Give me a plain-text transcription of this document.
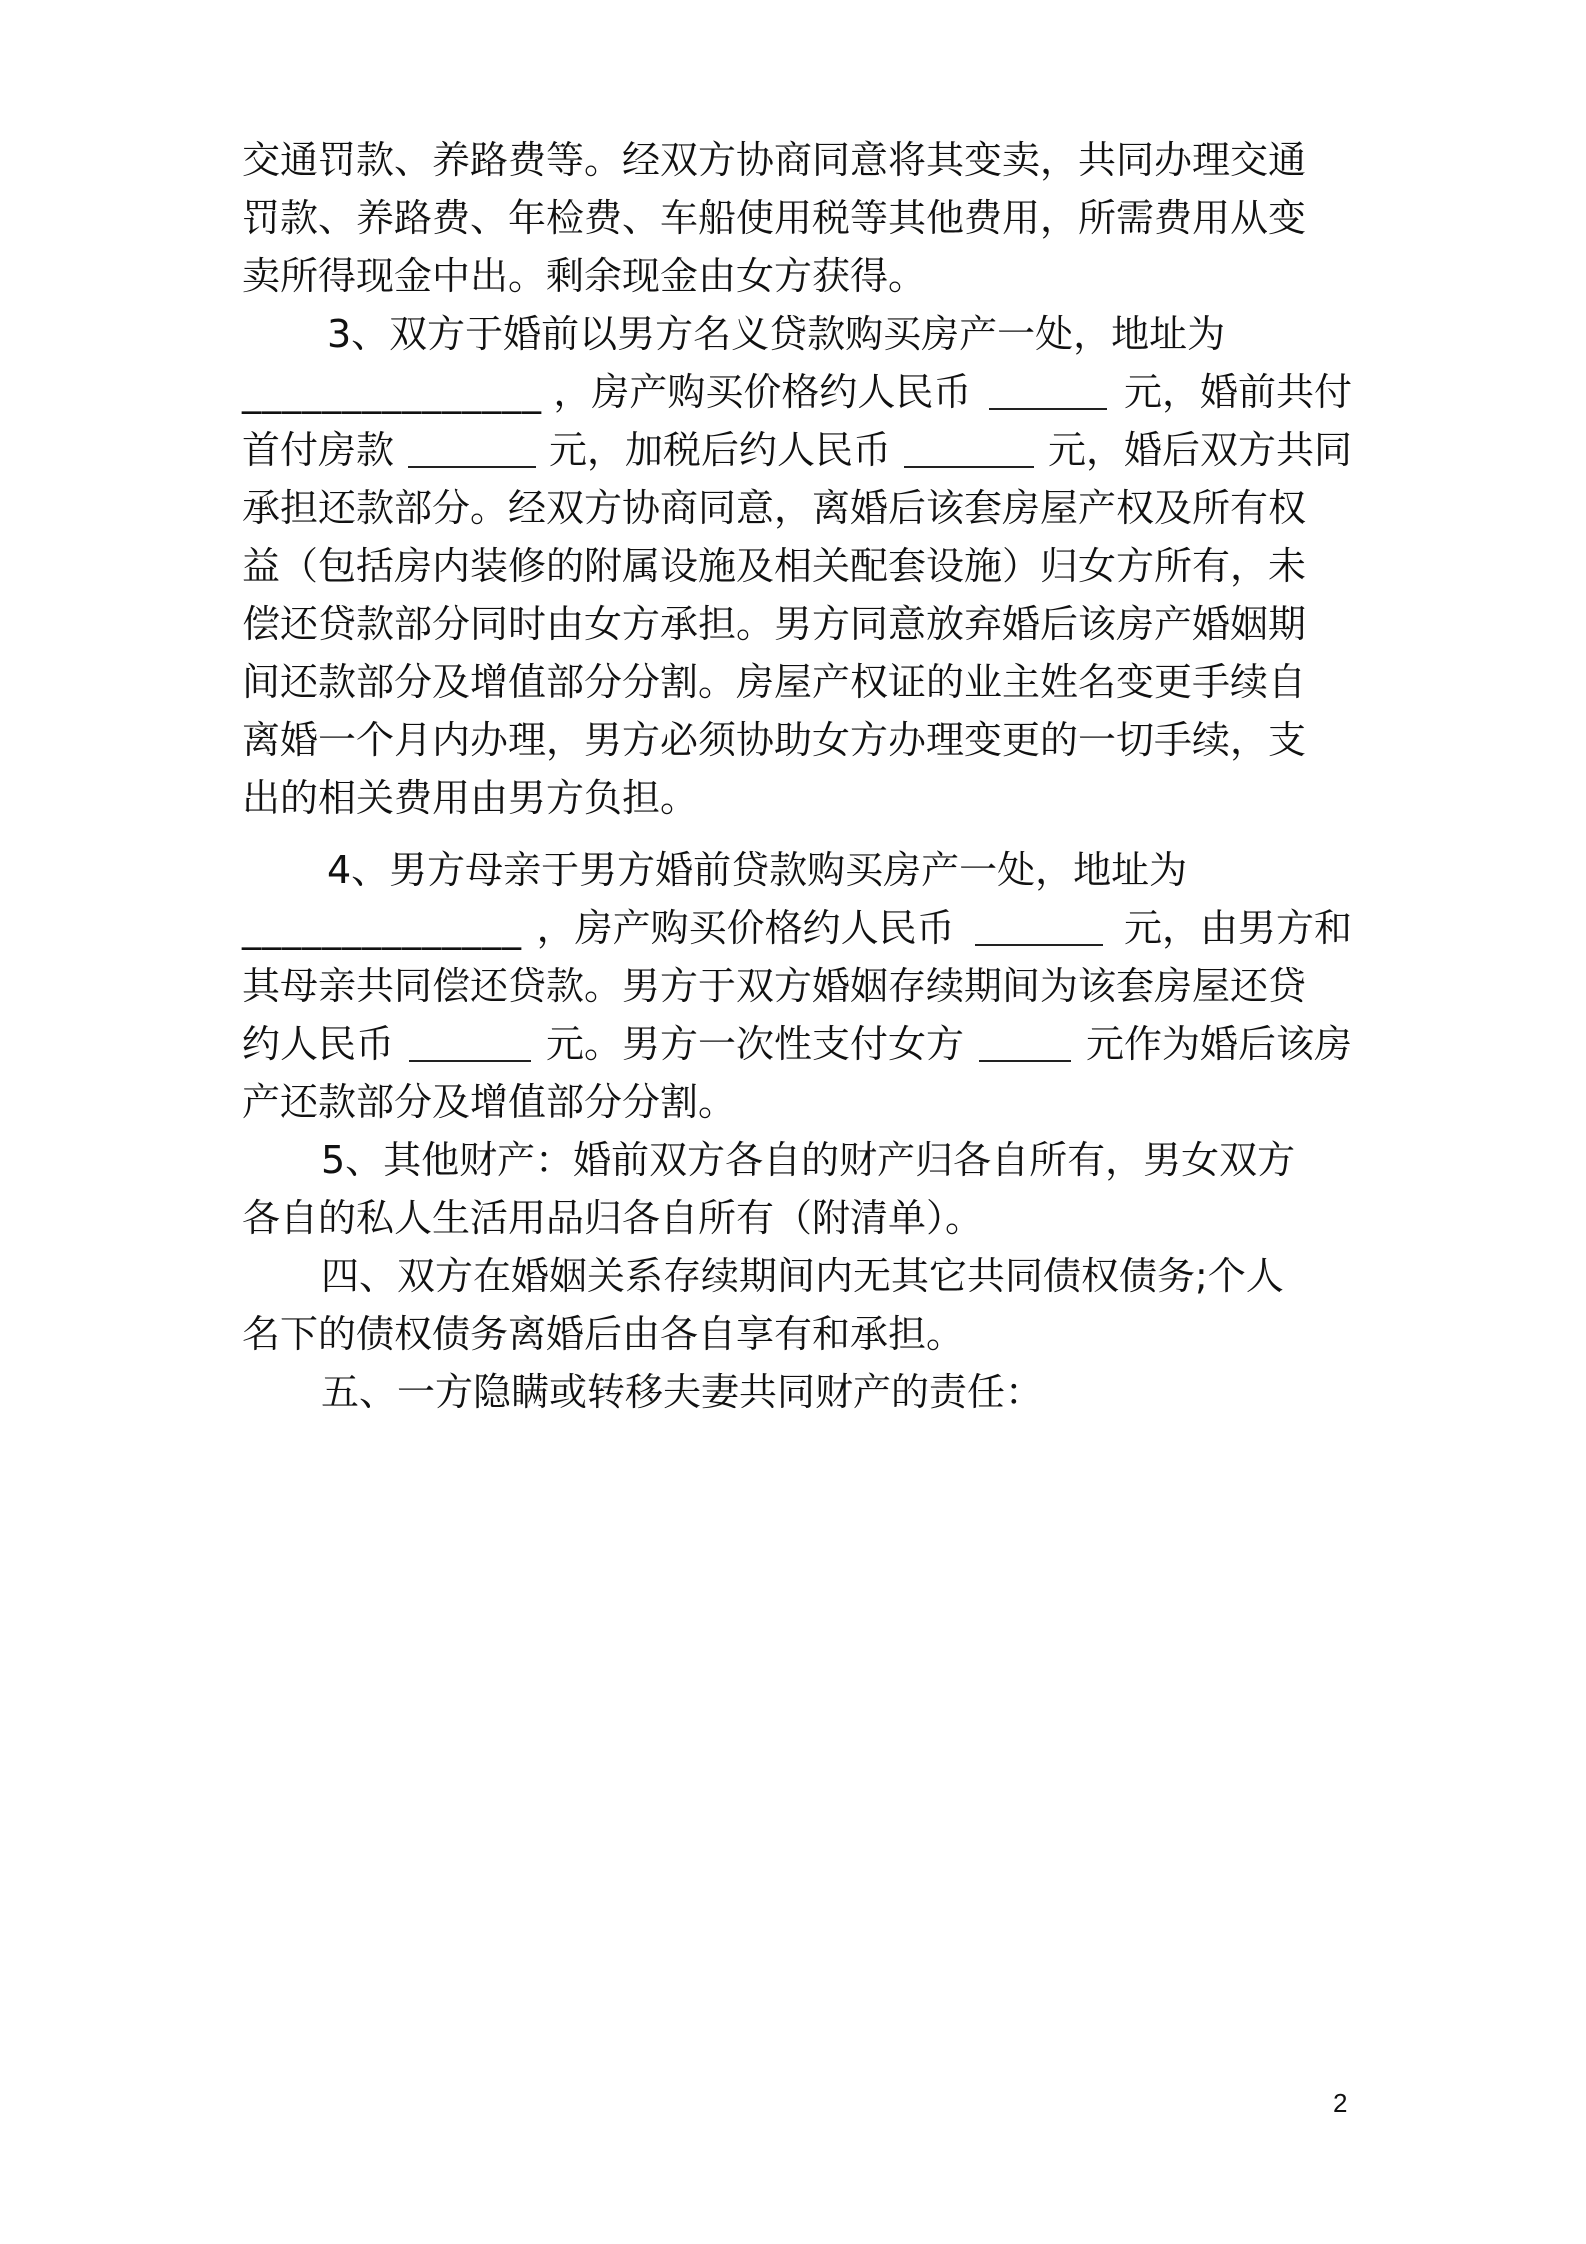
交通罚款、养路费等。经双方协商同意将其变卖，共同办理交通
罚款、养路费、年检费、车船使用税等其他费用，所需费用从变
卖所得现金中出。剩余现金由女方获得。
3、双方于婚前以男方名义贷款购买房产一处，地址为
_______________ ，房产购买价格约人民币	元，婚前共付
首付房款	元，加税后约人民币	元，婚后双方共同
承担还款部分。经双方协商同意，离婚后该套房屋产权及所有权
益（包括房内装修的附属设施及相关配套设施）归女方所有，未
偿还贷款部分同时由女方承担。男方同意放弃婚后该房产婚姻期
间还款部分及增值部分分割。房屋产权证的业主姓名变更手续自
离婚一个月内办理，男方必须协助女方办理变更的一切手续，支
出的相关费用由男方负担。
4、男方母亲于男方婚前贷款购买房产一处，地址为
______________ ，房产购买价格约人民币	元，由男方和
其母亲共同偿还贷款。男方于双方婚姻存续期间为该套房屋还贷
约人民币	元。男方一次性支付女方	元作为婚后该房
产还款部分及增值部分分割。
5、其他财产：婚前双方各自的财产归各自所有，男女双方
各自的私人生活用品归各自所有（附清单）。
四、双方在婚姻关系存续期间内无其它共同债权债务;个人
名下的债权债务离婚后由各自享有和承担。
五、一方隐瞒或转移夫妻共同财产的责任：
2
